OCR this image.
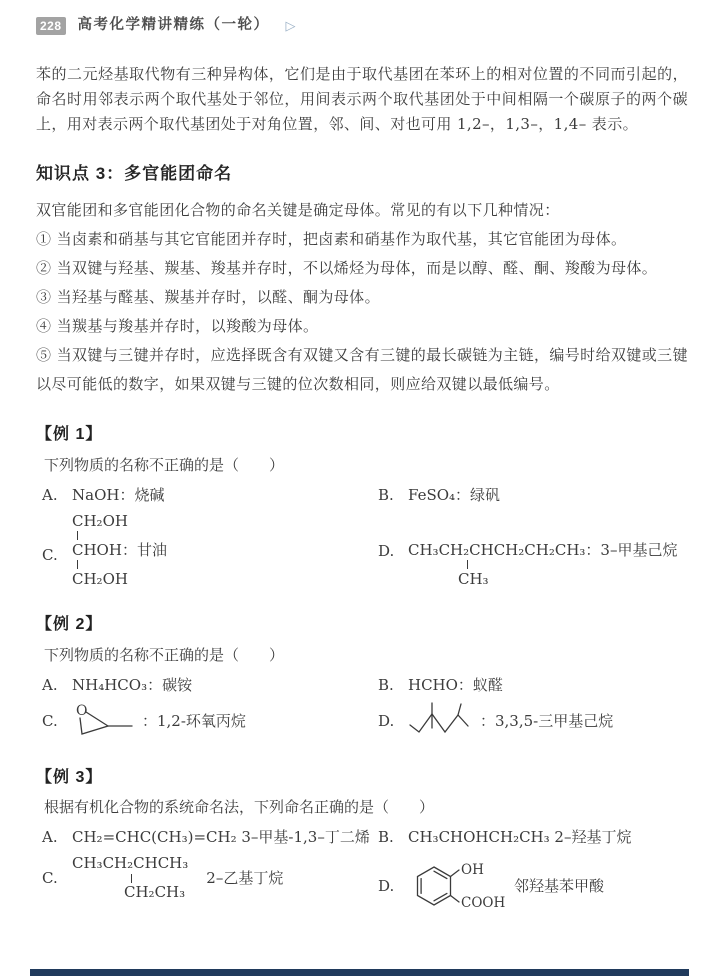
228 高考化学精讲精练（一轮） ▷

苯的二元烃基取代物有三种异构体，它们是由于取代基团在苯环上的相对位置的不同而引起的，命名时用邻表示两个取代基处于邻位，用间表示两个取代基团处于中间相隔一个碳原子的两个碳上，用对表示两个取代基团处于对角位置，邻、间、对也可用 1,2–，1,3–，1,4– 表示。

知识点 3：多官能团命名

双官能团和多官能团化合物的命名关键是确定母体。常见的有以下几种情况：

① 当卤素和硝基与其它官能团并存时，把卤素和硝基作为取代基，其它官能团为母体。

② 当双键与羟基、羰基、羧基并存时，不以烯烃为母体，而是以醇、醛、酮、羧酸为母体。

③ 当羟基与醛基、羰基并存时，以醛、酮为母体。

④ 当羰基与羧基并存时，以羧酸为母体。

⑤ 当双键与三键并存时，应选择既含有双键又含有三键的最长碳链为主链，编号时给双键或三键以尽可能低的数字，如果双键与三键的位次数相同，则应给双键以最低编号。

【例 1】

下列物质的名称不正确的是（　　）

A. NaOH：烧碱	B. FeSO₄：绿矾
C.
CH₂OH
CHOH：甘油
CH₂OH
D. CH₃CH₂CHCH₂CH₂CH₃：3–甲基己烷
CH₃
【例 2】

下列物质的名称不正确的是（　　）

A. NH₄HCO₃：碳铵	B. HCHO：蚁醛
C.
O
：1,2-环氧丙烷	D.	：3,3,5-三甲基己烷
【例 3】

根据有机化合物的系统命名法，下列命名正确的是（　　）

A. CH₂=CHC(CH₃)=CH₂ 3–甲基-1,3–丁二烯 B. CH₃CHOHCH₂CH₃ 2–羟基丁烷
C.
CH₃CH₂CHCH₃
CH₂CH₃
2–乙基丁烷	D.
OH
COOH
邻羟基苯甲酸
